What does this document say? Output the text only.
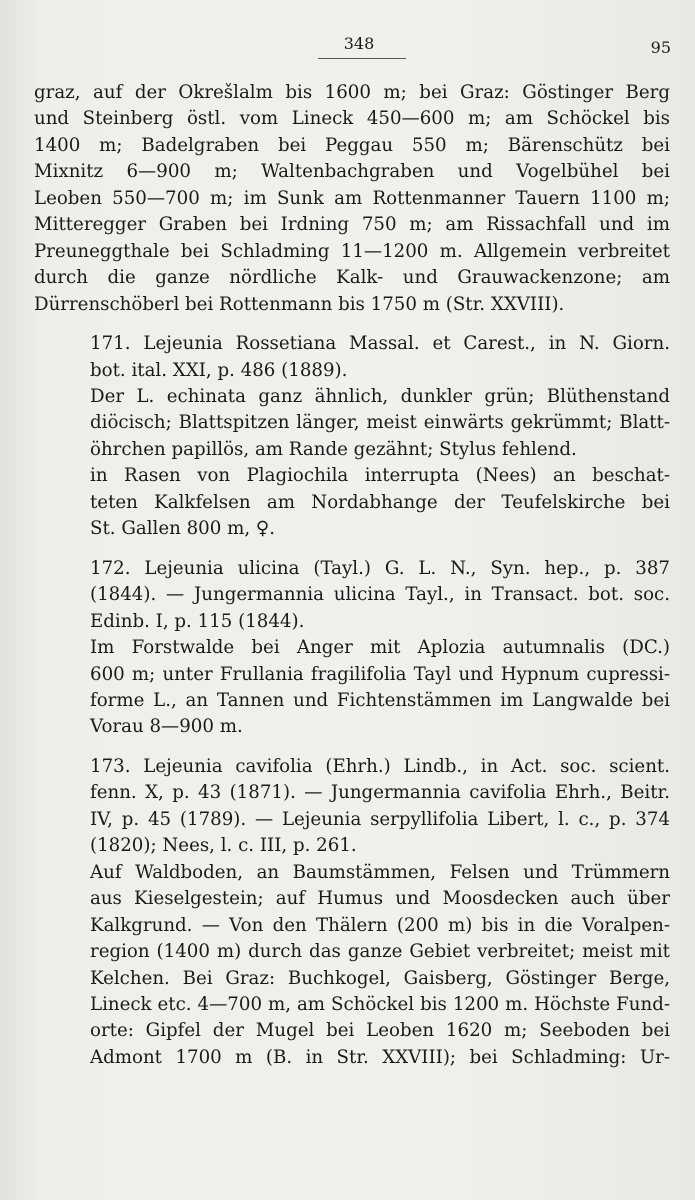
348	95

graz, auf der Okrešlalm bis 1600 m; bei Graz: Göstinger Berg
und Steinberg östl. vom Lineck 450—600 m; am Schöckel bis
1400 m; Badelgraben bei Peggau 550 m; Bärenschütz bei
Mixnitz 6—900 m; Waltenbachgraben und Vogelbühel bei
Leoben 550—700 m; im Sunk am Rottenmanner Tauern 1100 m;
Mitteregger Graben bei Irdning 750 m; am Rissachfall und im
Preuneggthale bei Schladming 11—1200 m. Allgemein verbreitet
durch die ganze nördliche Kalk- und Grauwackenzone; am
Dürrenschöberl bei Rottenmann bis 1750 m (Str. XXVIII).

171. Lejeunia Rossetiana Massal. et Carest., in N. Giorn.
bot. ital. XXI, p. 486 (1889).

Der L. echinata ganz ähnlich, dunkler grün; Blüthenstand
diöcisch; Blattspitzen länger, meist einwärts gekrümmt; Blatt-
öhrchen papillös, am Rande gezähnt; Stylus fehlend.

in Rasen von Plagiochila interrupta (Nees) an beschat-
teten Kalkfelsen am Nordabhange der Teufelskirche bei
St. Gallen 800 m, ♀.

172. Lejeunia ulicina (Tayl.) G. L. N., Syn. hep., p. 387
(1844). — Jungermannia ulicina Tayl., in Transact. bot. soc.
Edinb. I, p. 115 (1844).

Im Forstwalde bei Anger mit Aplozia autumnalis (DC.)
600 m; unter Frullania fragilifolia Tayl und Hypnum cupressi-
forme L., an Tannen und Fichtenstämmen im Langwalde bei
Vorau 8—900 m.

173. Lejeunia cavifolia (Ehrh.) Lindb., in Act. soc. scient.
fenn. X, p. 43 (1871). — Jungermannia cavifolia Ehrh., Beitr.
IV, p. 45 (1789). — Lejeunia serpyllifolia Libert, l. c., p. 374
(1820); Nees, l. c. III, p. 261.

Auf Waldboden, an Baumstämmen, Felsen und Trümmern
aus Kieselgestein; auf Humus und Moosdecken auch über
Kalkgrund. — Von den Thälern (200 m) bis in die Voralpen-
region (1400 m) durch das ganze Gebiet verbreitet; meist mit
Kelchen. Bei Graz: Buchkogel, Gaisberg, Göstinger Berge,
Lineck etc. 4—700 m, am Schöckel bis 1200 m. Höchste Fund-
orte: Gipfel der Mugel bei Leoben 1620 m; Seeboden bei
Admont 1700 m (B. in Str. XXVIII); bei Schladming: Ur-
